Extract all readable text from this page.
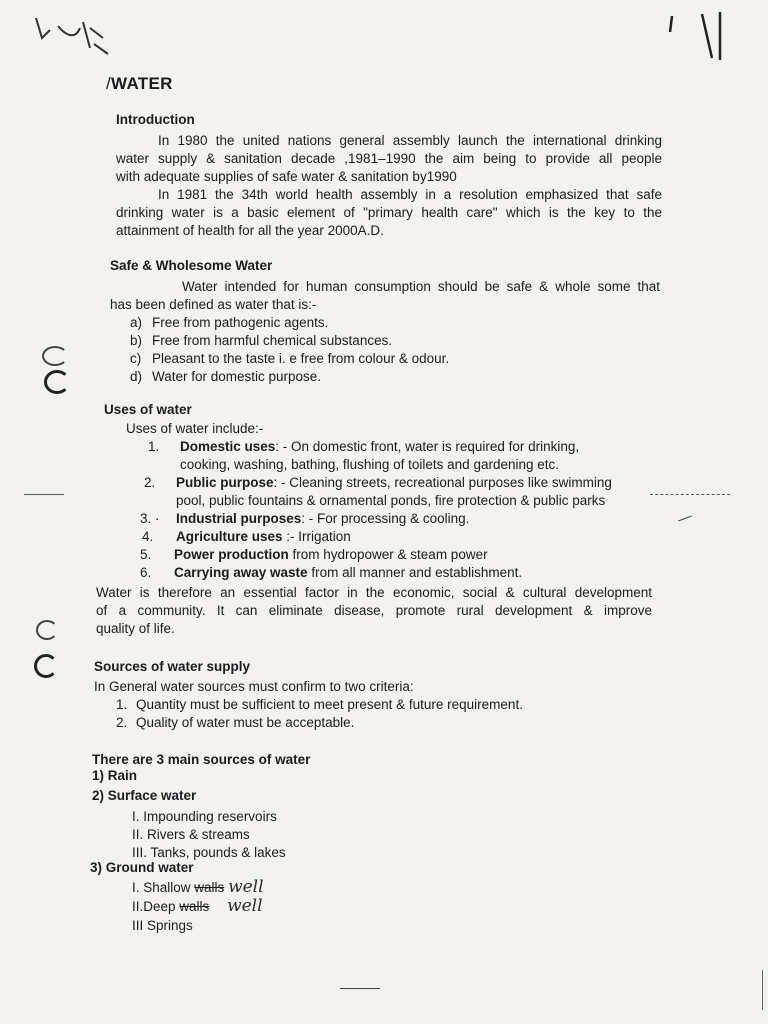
/WATER
Introduction
In 1980 the united nations general assembly launch the international drinking
water supply & sanitation decade ,1981–1990 the aim being to provide all people
with adequate supplies of safe water & sanitation by1990
In 1981 the 34th world health assembly in a resolution emphasized that safe
drinking water is a basic element of "primary health care" which is the key to the
attainment of health for all the year 2000A.D.
Safe & Wholesome Water
Water intended for human consumption should be safe & whole some that
has been defined as water that is:-
a) Free from pathogenic agents.
b) Free from harmful chemical substances.
c) Pleasant to the taste i. e free from colour & odour.
d) Water for domestic purpose.
Uses of water
Uses of water include:-
1. Domestic uses: - On domestic front, water is required for drinking,
cooking, washing, bathing, flushing of toilets and gardening etc.
2. Public purpose: - Cleaning streets, recreational purposes like swimming
pool, public fountains & ornamental ponds, fire protection & public parks
3. · Industrial purposes: - For processing & cooling.
4. Agriculture uses :- Irrigation
5. Power production from hydropower & steam power
6. Carrying away waste from all manner and establishment.
Water is therefore an essential factor in the economic, social & cultural development
of a community. It can eliminate disease, promote rural development & improve
quality of life.
Sources of water supply
In General water sources must confirm to two criteria:
1. Quantity must be sufficient to meet present & future requirement.
2. Quality of water must be acceptable.
There are 3 main sources of water
1) Rain
2) Surface water
I. Impounding reservoirs
II. Rivers & streams
III. Tanks, pounds & lakes
3) Ground water
I. Shallow walls well
II.Deep walls well
III Springs
